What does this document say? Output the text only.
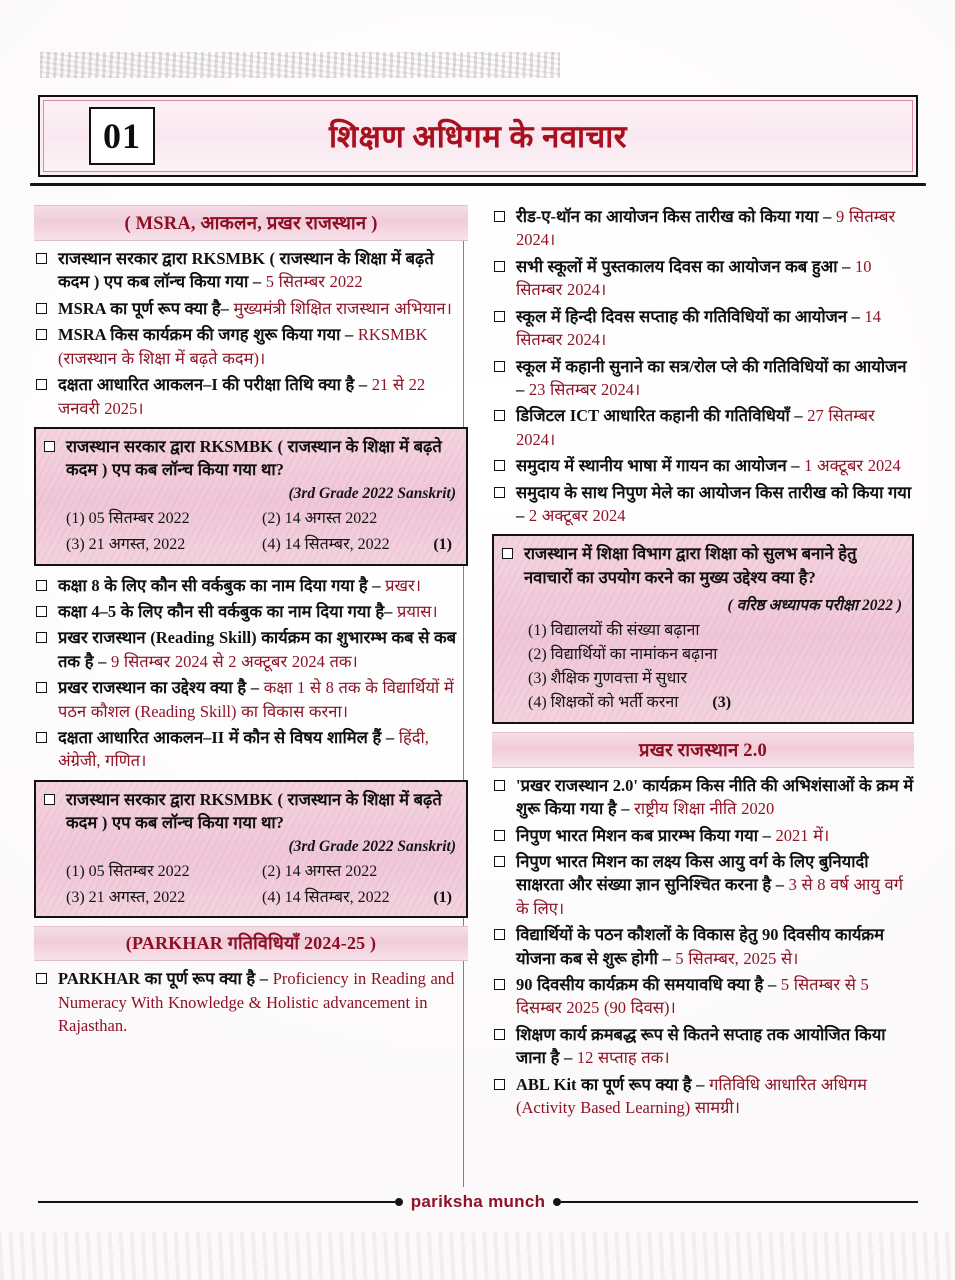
शिक्षण अधिगम के नवाचार
01
( MSRA, आकलन, प्रखर राजस्थान )
राजस्थान सरकार द्वारा RKSMBK ( राजस्थान के शिक्षा में बढ़ते कदम ) एप कब लॉन्च किया गया – 5 सितम्बर 2022
MSRA का पूर्ण रूप क्या है– मुख्यमंत्री शिक्षित राजस्थान अभियान।
MSRA किस कार्यक्रम की जगह शुरू किया गया – RKSMBK (राजस्थान के शिक्षा में बढ़ते कदम)।
दक्षता आधारित आकलन–I की परीक्षा तिथि क्या है – 21 से 22 जनवरी 2025।
राजस्थान सरकार द्वारा RKSMBK ( राजस्थान के शिक्षा में बढ़ते कदम ) एप कब लॉन्च किया गया था?
(3rd Grade 2022 Sanskrit)
(1) 05 सितम्बर 2022	(2) 14 अगस्त 2022
(3) 21 अगस्त, 2022	(4) 14 सितम्बर, 2022	(1)
कक्षा 8 के लिए कौन सी वर्कबुक का नाम दिया गया है – प्रखर।
कक्षा 4–5 के लिए कौन सी वर्कबुक का नाम दिया गया है– प्रयास।
प्रखर राजस्थान (Reading Skill) कार्यक्रम का शुभारम्भ कब से कब तक है – 9 सितम्बर 2024 से 2 अक्टूबर 2024 तक।
प्रखर राजस्थान का उद्देश्य क्या है – कक्षा 1 से 8 तक के विद्यार्थियों में पठन कौशल (Reading Skill) का विकास करना।
दक्षता आधारित आकलन–II में कौन से विषय शामिल हैं – हिंदी, अंग्रेजी, गणित।
राजस्थान सरकार द्वारा RKSMBK ( राजस्थान के शिक्षा में बढ़ते कदम ) एप कब लॉन्च किया गया था?
(3rd Grade 2022 Sanskrit)
(1) 05 सितम्बर 2022	(2) 14 अगस्त 2022
(3) 21 अगस्त, 2022	(4) 14 सितम्बर, 2022	(1)
(PARKHAR गतिविधियाँ 2024-25 )
PARKHAR का पूर्ण रूप क्या है – Proficiency in Reading and Numeracy With Knowledge & Holistic advancement in Rajasthan.
रीड-ए-थॉन का आयोजन किस तारीख को किया गया – 9 सितम्बर 2024।
सभी स्कूलों में पुस्तकालय दिवस का आयोजन कब हुआ – 10 सितम्बर 2024।
स्कूल में हिन्दी दिवस सप्ताह की गतिविधियों का आयोजन – 14 सितम्बर 2024।
स्कूल में कहानी सुनाने का सत्र/रोल प्ले की गतिविधियों का आयोजन – 23 सितम्बर 2024।
डिजिटल ICT आधारित कहानी की गतिविधियाँ – 27 सितम्बर 2024।
समुदाय में स्थानीय भाषा में गायन का आयोजन – 1 अक्टूबर 2024
समुदाय के साथ निपुण मेले का आयोजन किस तारीख को किया गया – 2 अक्टूबर 2024
राजस्थान में शिक्षा विभाग द्वारा शिक्षा को सुलभ बनाने हेतु नवाचारों का उपयोग करने का मुख्य उद्देश्य क्या है?
( वरिष्ठ अध्यापक परीक्षा 2022 )
(1) विद्यालयों की संख्या बढ़ाना
(2) विद्यार्थियों का नामांकन बढ़ाना
(3) शैक्षिक गुणवत्ता में सुधार
(4) शिक्षकों को भर्ती करना (3)
प्रखर राजस्थान 2.0
'प्रखर राजस्थान 2.0' कार्यक्रम किस नीति की अभिशंसाओं के क्रम में शुरू किया गया है – राष्ट्रीय शिक्षा नीति 2020
निपुण भारत मिशन कब प्रारम्भ किया गया – 2021 में।
निपुण भारत मिशन का लक्ष्य किस आयु वर्ग के लिए बुनियादी साक्षरता और संख्या ज्ञान सुनिश्चित करना है – 3 से 8 वर्ष आयु वर्ग के लिए।
विद्यार्थियों के पठन कौशलों के विकास हेतु 90 दिवसीय कार्यक्रम योजना कब से शुरू होगी – 5 सितम्बर, 2025 से।
90 दिवसीय कार्यक्रम की समयावधि क्या है – 5 सितम्बर से 5 दिसम्बर 2025 (90 दिवस)।
शिक्षण कार्य क्रमबद्ध रूप से कितने सप्ताह तक आयोजित किया जाना है – 12 सप्ताह तक।
ABL Kit का पूर्ण रूप क्या है – गतिविधि आधारित अधिगम (Activity Based Learning) सामग्री।
pariksha munch
